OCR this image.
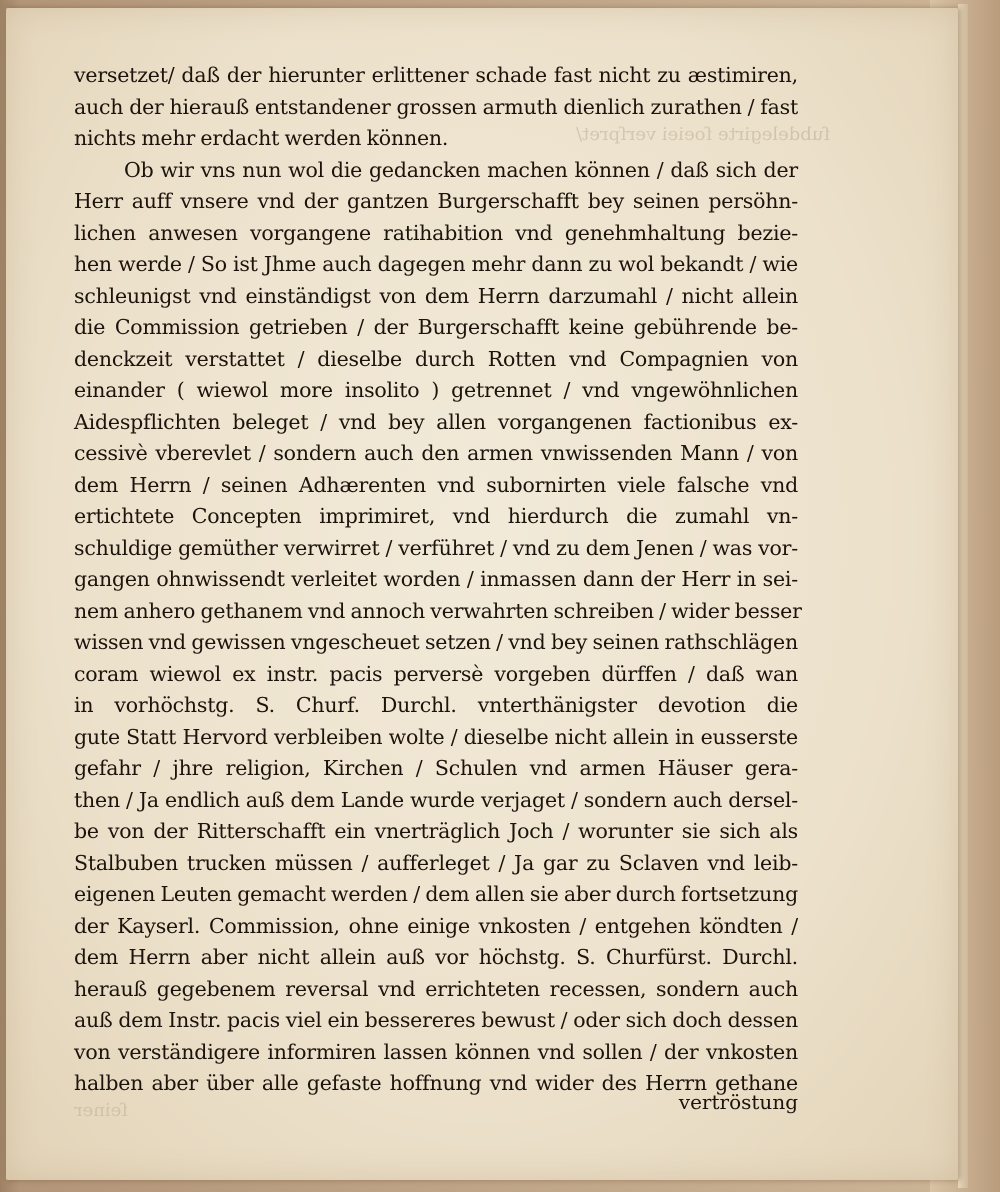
ſubdelegirte ſoeiei verſpret/
versetzet/ daß der hierunter erlittener schade fast nicht zu æstimiren,
auch der hierauß entstandener grossen armuth dienlich zurathen / fast
nichts mehr erdacht werden können.
Ob wir vns nun wol die gedancken machen können / daß sich der
Herr auff vnsere vnd der gantzen Burgerschafft bey seinen persöhn-
lichen anwesen vorgangene ratihabition vnd genehmhaltung bezie-
hen werde / So ist Jhme auch dagegen mehr dann zu wol bekandt / wie
schleunigst vnd einständigst von dem Herrn darzumahl / nicht allein
die Commission getrieben / der Burgerschafft keine gebührende be-
denckzeit verstattet / dieselbe durch Rotten vnd Compagnien von
einander ( wiewol more insolito ) getrennet / vnd vngewöhnlichen
Aidespflichten beleget / vnd bey allen vorgangenen factionibus ex-
cessivè vberevlet / sondern auch den armen vnwissenden Mann / von
dem Herrn / seinen Adhærenten vnd subornirten viele falsche vnd
ertichtete Concepten imprimiret, vnd hierdurch die zumahl vn-
schuldige gemüther verwirret / verführet / vnd zu dem Jenen / was vor-
gangen ohnwissendt verleitet worden / inmassen dann der Herr in sei-
nem anhero gethanem vnd annoch verwahrten schreiben / wider besser
wissen vnd gewissen vngescheuet setzen / vnd bey seinen rathschlägen
coram wiewol ex instr. pacis perversè vorgeben dürffen / daß wan
in vorhöchstg. S. Churf. Durchl. vnterthänigster devotion die
gute Statt Hervord verbleiben wolte / dieselbe nicht allein in eusserste
gefahr / jhre religion, Kirchen / Schulen vnd armen Häuser gera-
then / Ja endlich auß dem Lande wurde verjaget / sondern auch dersel-
be von der Ritterschafft ein vnerträglich Joch / worunter sie sich als
Stalbuben trucken müssen / aufferleget / Ja gar zu Sclaven vnd leib-
eigenen Leuten gemacht werden / dem allen sie aber durch fortsetzung
der Kayserl. Commission, ohne einige vnkosten / entgehen köndten /
dem Herrn aber nicht allein auß vor höchstg. S. Churfürst. Durchl.
herauß gegebenem reversal vnd errichteten recessen, sondern auch
auß dem Instr. pacis viel ein bessereres bewust / oder sich doch dessen
von verständigere informiren lassen können vnd sollen / der vnkosten
halben aber über alle gefaste hoffnung vnd wider des Herrn gethane
vertröstung
ſeiner
